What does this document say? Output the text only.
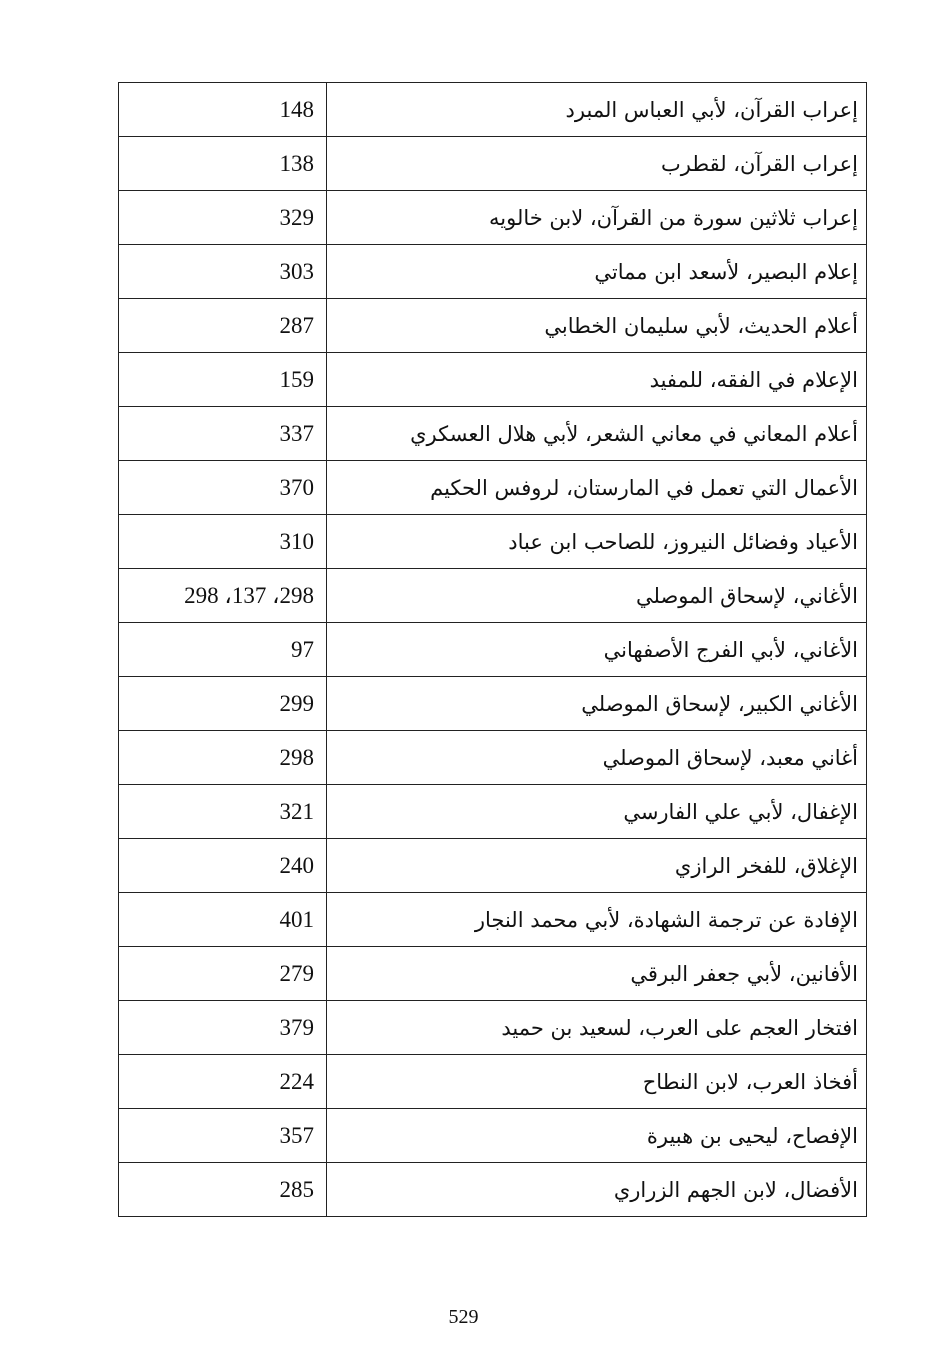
148	إعراب القرآن، لأبي العباس المبرد
138	إعراب القرآن، لقطرب
329	إعراب ثلاثين سورة من القرآن، لابن خالويه
303	إعلام البصير، لأسعد ابن مماتي
287	أعلام الحديث، لأبي سليمان الخطابي
159	الإعلام في الفقه، للمفيد
337	أعلام المعاني في معاني الشعر، لأبي هلال العسكري
370	الأعمال التي تعمل في المارستان، لروفس الحكيم
310	الأعياد وفضائل النيروز، للصاحب ابن عباد
298 ،137 ،298	الأغاني، لإسحاق الموصلي
97	الأغاني، لأبي الفرج الأصفهاني
299	الأغاني الكبير، لإسحاق الموصلي
298	أغاني معبد، لإسحاق الموصلي
321	الإغفال، لأبي علي الفارسي
240	الإغلاق، للفخر الرازي
401	الإفادة عن ترجمة الشهادة، لأبي محمد النجار
279	الأفانين، لأبي جعفر البرقي
379	افتخار العجم على العرب، لسعيد بن حميد
224	أفخاذ العرب، لابن النطاح
357	الإفصاح، ليحيى بن هبيرة
285	الأفضال، لابن الجهم الزراري
529
